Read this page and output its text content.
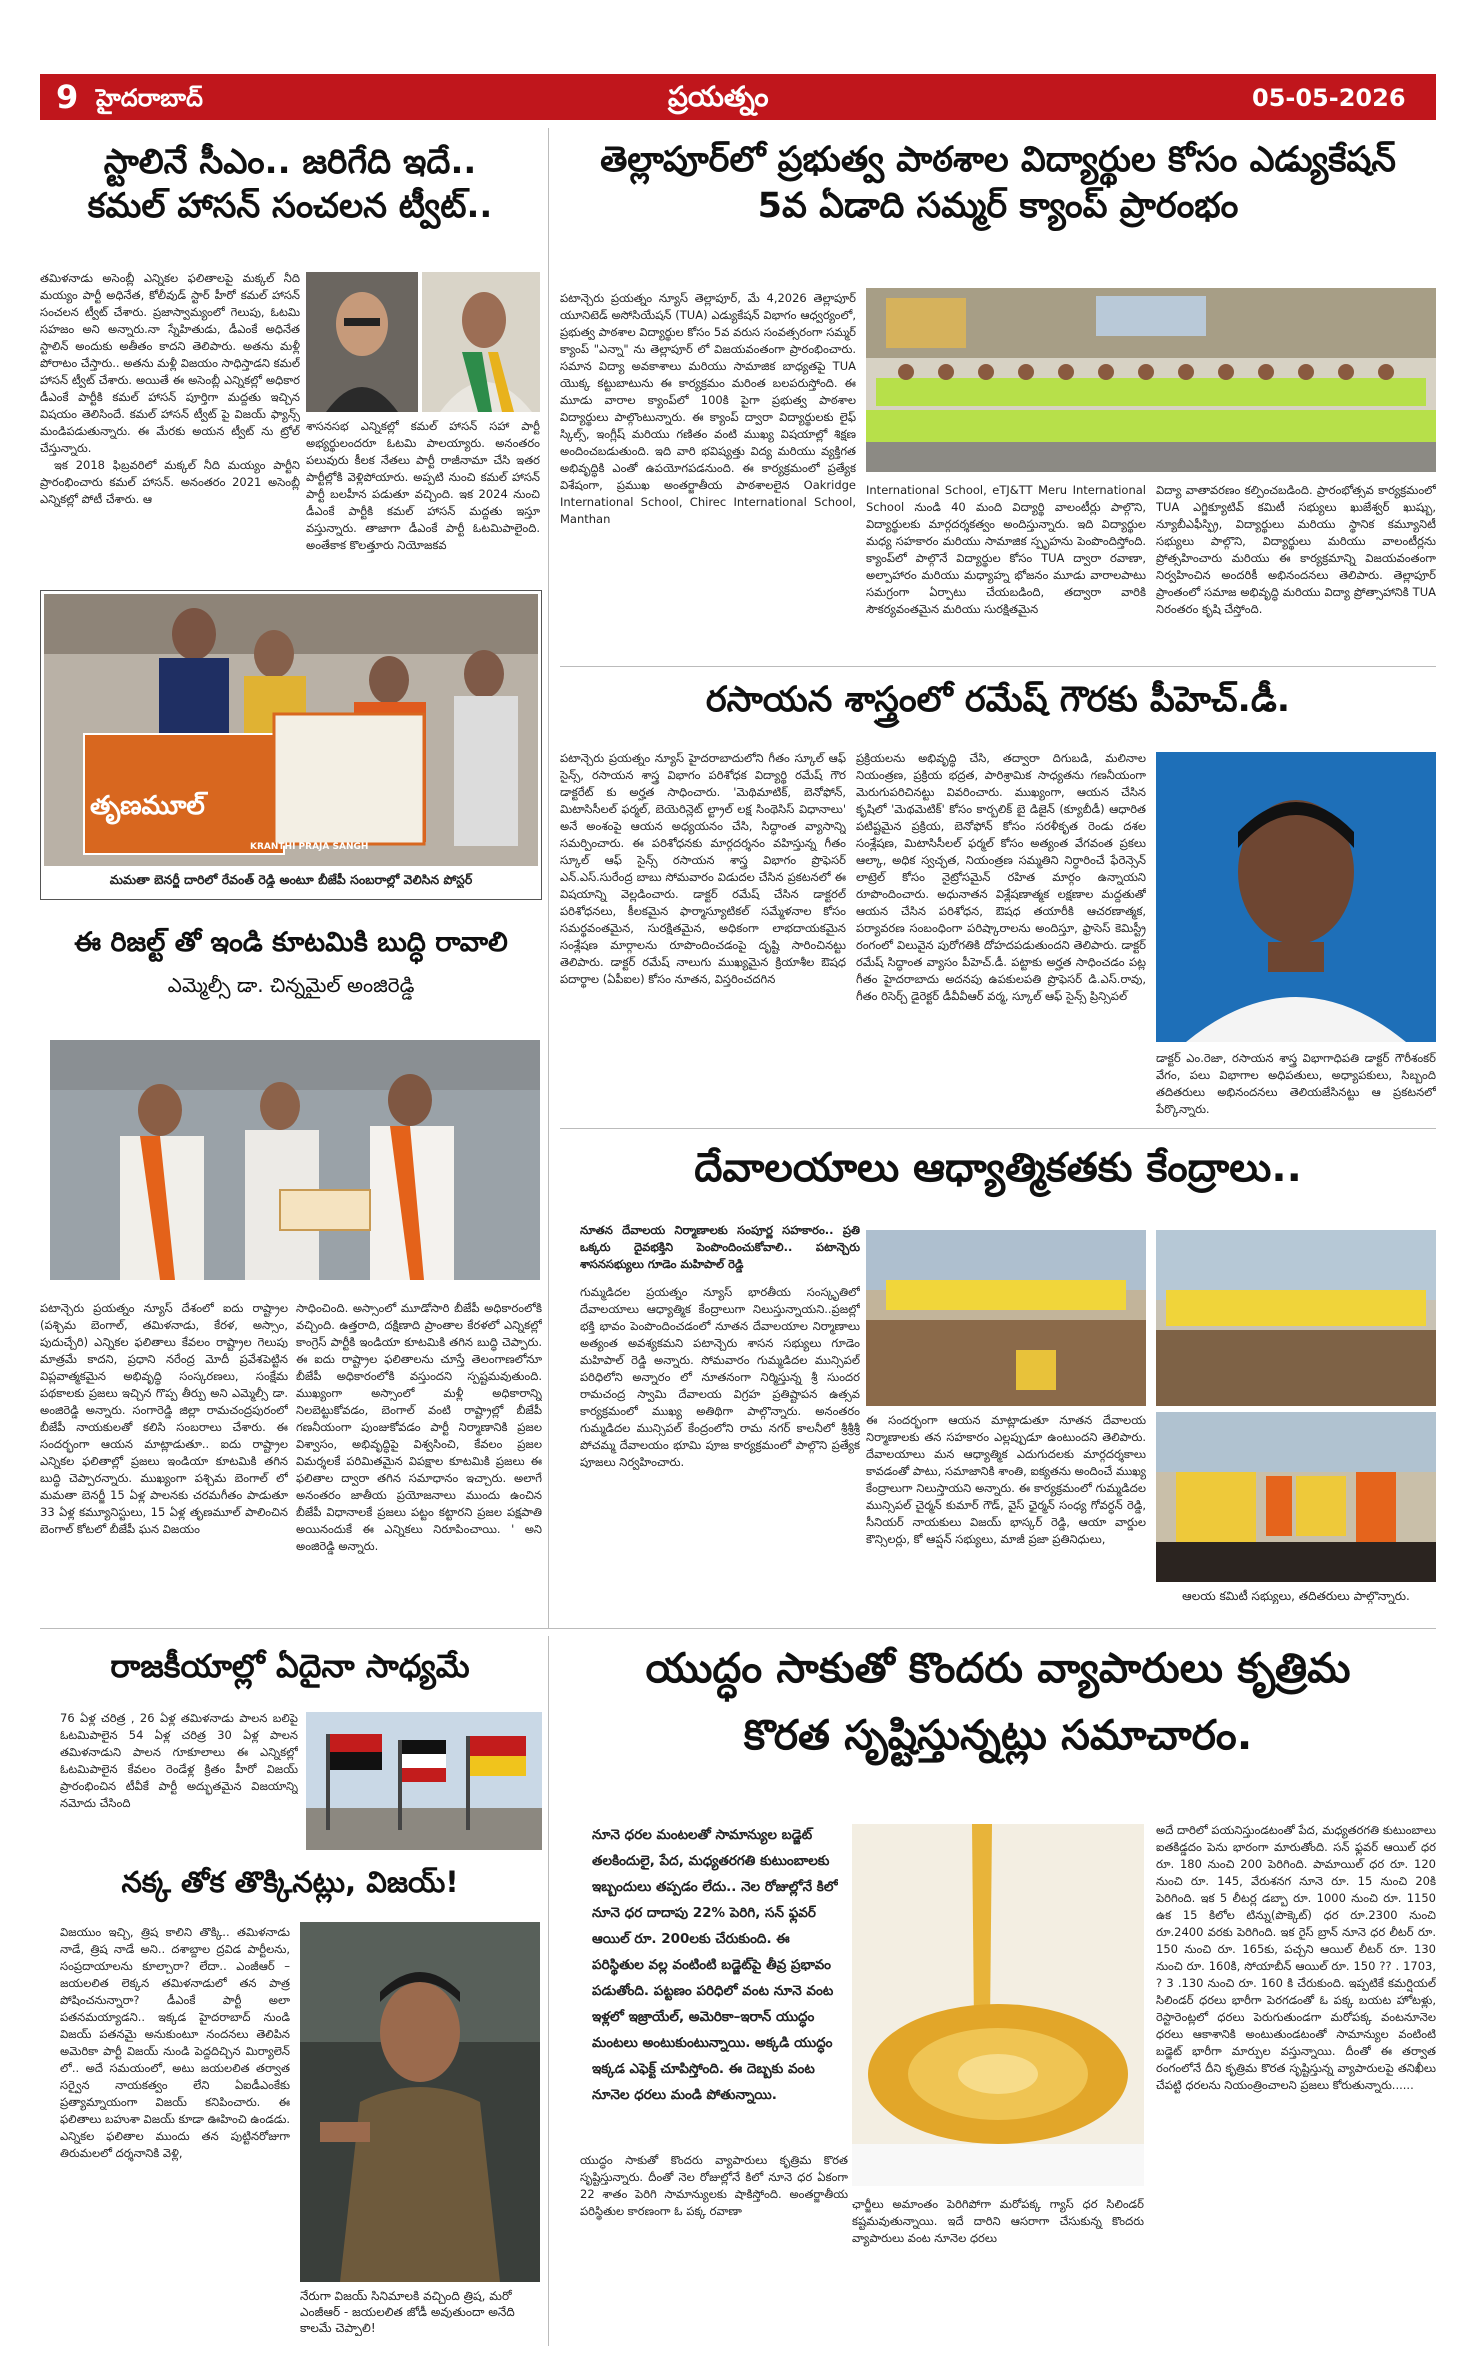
9 హైదరాబాద్	ప్రయత్నం	05-05-2026
స్టాలినే సీఎం.. జరిగేది ఇదే..
కమల్ హాసన్ సంచలన ట్వీట్..

తమిళనాడు అసెంబ్లీ ఎన్నికల ఫలితాలపై మక్కల్ నీది మయ్యం పార్టీ అధినేత, కోలీవుడ్ స్టార్ హీరో కమల్ హాసన్ సంచలన ట్వీట్ చేశారు. ప్రజాస్వామ్యంలో గెలుపు, ఓటమి సహజం అని అన్నారు.నా స్నేహితుడు, డీఎంకే అధినేత స్టాలిన్ అందుకు అతీతం కాదని తెలిపారు. అతను మళ్లీ పోరాటం చేస్తారు.. అతను మళ్లీ విజయం సాధిస్తాడని కమల్ హాసన్ ట్వీట్ చేశారు. అయితే ఈ అసెంబ్లీ ఎన్నికల్లో అధికార డీఎంకే పార్టీకి కమల్ హాసన్ పూర్తిగా మద్దతు ఇచ్చిన విషయం తెలిసిందే. కమల్ హాసన్ ట్వీట్ పై విజయ్ ఫ్యాన్స్ మండిపడుతున్నారు. ఈ మేరకు అయన ట్వీట్ ను ట్రోల్ చేస్తున్నారు.

ఇక 2018 ఫిబ్రవరిలో మక్కల్ నీది మయ్యం పార్టీని ప్రారంభించారు కమల్ హాసన్. అనంతరం 2021 అసెంబ్లీ ఎన్నికల్లో పోటీ చేశారు. ఆ

శాసనసభ ఎన్నికల్లో కమల్ హాసన్ సహా పార్టీ అభ్యర్థులందరూ ఓటమి పాలయ్యారు. అనంతరం పలువురు కీలక నేతలు పార్టీ రాజీనామా చేసి ఇతర పార్టీల్లోకి వెళ్లిపోయారు. అప్పటి నుంచి కమల్ హాసన్ పార్టీ బలహీన పడుతూ వచ్చింది. ఇక 2024 నుంచి డీఎంకే పార్టీకి కమల్ హాసన్ మద్దతు ఇస్తూ వస్తున్నారు. తాజాగా డీఎంకే పార్టీ ఓటమిపాలైంది. అంతేకాక కొలత్తూరు నియోజకవ
తృణమూల్
KRANTHI PRAJA SANGH
మమతా బెనర్జీ దారిలో రేవంత్ రెడ్డి అంటూ బీజేపీ సంబరాల్లో వెలిసిన పోస్టర్
ఈ రిజల్ట్ తో ఇండి కూటమికి బుద్ధి రావాలి
ఎమ్మెల్సీ డా. చిన్నమైల్ అంజిరెడ్డి
పటాన్చెరు ప్రయత్నం న్యూస్ దేశంలో ఐదు రాష్ట్రాల (పశ్చిమ బెంగాల్, తమిళనాడు, కేరళ, అస్సాం, పుదుచ్చేరి) ఎన్నికల ఫలితాలు కేవలం రాష్ట్రాల గెలుపు మాత్రమే కాదని, ప్రధాని నరేంద్ర మోదీ ప్రవేశపెట్టిన విప్లవాత్మకమైన అభివృద్ధి సంస్కరణలు, సంక్షేమ పథకాలకు ప్రజలు ఇచ్చిన గొప్ప తీర్పు అని ఎమ్మెల్సీ డా. అంజిరెడ్డి అన్నారు. సంగారెడ్డి జిల్లా రామచంద్రపురంలో బీజేపీ నాయకులతో కలిసి సంబరాలు చేశారు. ఈ సందర్భంగా ఆయన మాట్లాడుతూ.. ఐదు రాష్ట్రాల ఎన్నికల ఫలితాల్లో ప్రజలు ఇండియా కూటమికి తగిన బుద్ధి చెప్పారన్నారు. ముఖ్యంగా పశ్చిమ బెంగాల్ లో మమతా బెనర్జీ 15 ఏళ్ల పాలనకు చరమగీతం పాడుతూ 33 ఏళ్ల కమ్యూనిస్టులు, 15 ఏళ్ల తృణమూల్ పాలించిన బెంగాల్ కోటలో బీజేపీ ఘన విజయం
సాధించింది. అస్సాంలో మూడోసారి బీజేపీ అధికారంలోకి వచ్చింది. ఉత్తరాది, దక్షిణాది ప్రాంతాల కేరళలో ఎన్నికల్లో కాంగ్రెస్ పార్టీకి ఇండియా కూటమికి తగిన బుద్ధి చెప్పారు. ఈ ఐదు రాష్ట్రాల ఫలితాలను చూస్తే తెలంగాణలోనూ బీజేపీ అధికారంలోకి వస్తుందని స్పష్టమవుతుంది. ముఖ్యంగా అస్సాంలో మళ్లీ అధికారాన్ని నిలబెట్టుకోవడం, బెంగాల్ వంటి రాష్ట్రాల్లో బీజేపీ గణనీయంగా పుంజుకోవడం పార్టీ నిర్మాణానికి ప్రజల విశ్వాసం, అభివృద్ధిపై విశ్వసించి, కేవలం ప్రజల విమర్శలకే పరిమితమైన విపక్షాల కూటమికి ప్రజలు ఈ ఫలితాల ద్వారా తగిన సమాధానం ఇచ్చారు. అలాగే అనంతరం జాతీయ ప్రయోజనాలు ముందు ఉంచిన బీజేపీ విధానాలకే ప్రజలు పట్టం కట్టారని ప్రజల పక్షపాతి అయినందుకే ఈ ఎన్నికలు నిరూపించాయి. ' అని అంజిరెడ్డి అన్నారు.
తెల్లాపూర్‌లో ప్రభుత్వ పాఠశాల విద్యార్థుల కోసం ఎడ్యుకేషన్
5వ ఏడాది సమ్మర్ క్యాంప్ ప్రారంభం
పటాన్చెరు ప్రయత్నం న్యూస్ తెల్లాపూర్, మే 4,2026 తెల్లాపూర్ యూనిటెడ్ అసోసియేషన్ (TUA) ఎడ్యుకేషన్ విభాగం ఆధ్వర్యంలో, ప్రభుత్వ పాఠశాల విద్యార్థుల కోసం 5వ వరుస సంవత్సరంగా సమ్మర్ క్యాంప్ "ఎన్నా" ను తెల్లాపూర్ లో విజయవంతంగా ప్రారంభించారు. సమాన విద్యా అవకాశాలు మరియు సామాజిక బాధ్యతపై TUA యొక్క కట్టుబాటును ఈ కార్యక్రమం మరింత బలపరుస్తోంది. ఈ మూడు వారాల క్యాంప్‌లో 100కి పైగా ప్రభుత్వ పాఠశాల విద్యార్థులు పాల్గొంటున్నారు. ఈ క్యాంప్ ద్వారా విద్యార్థులకు లైఫ్ స్కిల్స్, ఇంగ్లీష్ మరియు గణితం వంటి ముఖ్య విషయాల్లో శిక్షణ అందించబడుతుంది. ఇది వారి భవిష్యత్తు విద్య మరియు వ్యక్తిగత అభివృద్ధికి ఎంతో ఉపయోగపడనుంది. ఈ కార్యక్రమంలో ప్రత్యేక విశేషంగా, ప్రముఖ అంతర్జాతీయ పాఠశాలలైన Oakridge International School, Chirec International School, Manthan
International School, eTJ&TT Meru International School నుండి 40 మంది విద్యార్థి వాలంటీర్లు పాల్గొని, విద్యార్థులకు మార్గదర్శకత్వం అందిస్తున్నారు. ఇది విద్యార్థుల మధ్య సహకారం మరియు సామాజిక స్పృహను పెంపొందిస్తోంది. క్యాంప్‌లో పాల్గొనే విద్యార్థుల కోసం TUA ద్వారా రవాణా, అల్పాహారం మరియు మధ్యాహ్న భోజనం మూడు వారాలపాటు సమగ్రంగా ఏర్పాటు చేయబడింది, తద్వారా వారికి సౌకర్యవంతమైన మరియు సురక్షితమైన
విద్యా వాతావరణం కల్పించబడింది. ప్రారంభోత్సవ కార్యక్రమంలో TUA ఎగ్జిక్యూటివ్ కమిటీ సభ్యులు ఖుజేశ్వర్ ఖుష్బు, న్యూబీఎఫీస్ఫ్రి, విద్యార్థులు మరియు స్థానిక కమ్యూనిటీ సభ్యులు పాల్గొని, విద్యార్థులు మరియు వాలంటీర్లను ప్రోత్సహించారు మరియు ఈ కార్యక్రమాన్ని విజయవంతంగా నిర్వహించిన అందరికీ అభినందనలు తెలిపారు. తెల్లాపూర్ ప్రాంతంలో సమాజ అభివృద్ధి మరియు విద్యా ప్రోత్సాహానికి TUA నిరంతరం కృషి చేస్తోంది.
రసాయన శాస్త్రంలో రమేష్ గౌరకు పీహెచ్.డీ.
పటాన్చెరు ప్రయత్నం న్యూస్ హైదరాబాదులోని గీతం స్కూల్ ఆఫ్ సైన్స్, రసాయన శాస్త్ర విభాగం పరిశోధక విద్యార్థి రమేష్ గౌర డాక్టరేట్ కు అర్హత సాధించారు. 'మెథిమాటిక్, బెనోఫోన్, మిటాసిసీలల్ ఫర్మల్, బెయెరిన్లెట్ ల్ట్రాల్ లక్ష సింథెసిస్ విధానాలు' అనే అంశంపై ఆయన అధ్యయనం చేసి, సిద్ధాంత వ్యాసాన్ని సమర్పించారు. ఈ పరిశోధనకు మార్గదర్శనం వహిస్తున్న గీతం స్కూల్ ఆఫ్ సైన్స్ రసాయన శాస్త్ర విభాగం ప్రొఫెసర్ ఎన్.ఎస్.సురేంద్ర బాబు సోమవారం విడుదల చేసిన ప్రకటనలో ఈ విషయాన్ని వెల్లడించారు. డాక్టర్ రమేష్ చేసిన డాక్టరల్ పరిశోధనలు, కీలకమైన ఫార్మాస్యూటికల్ సమ్మేళనాల కోసం సమర్థవంతమైన, సురక్షితమైన, అధికంగా లాభదాయకమైన సంశ్లేషణ మార్గాలను రూపొందించడంపై దృష్టి సారించినట్టు తెలిపారు. డాక్టర్ రమేష్ నాలుగు ముఖ్యమైన క్రియాశీల ఔషధ పదార్థాల (ఏపీఐల) కోసం నూతన, విస్తరించదగిన
ప్రక్రియలను అభివృద్ధి చేసి, తద్వారా దిగుబడి, మలినాల నియంత్రణ, ప్రక్రియ భద్రత, పారిశ్రామిక సాధ్యతను గణనీయంగా మెరుగుపరిచినట్టు వివరించారు. ముఖ్యంగా, ఆయన చేసిన కృషిలో 'మెథమెటిక్' కోసం కార్బలిక్ బై డిజైన్ (క్యూబీడీ) ఆధారిత పటిష్టమైన ప్రక్రియ, బెనోఫోన్ కోసం సరళీకృత రెండు దశల సంశ్లేషణ, మిటాసిసీలల్ ఫర్మల్ కోసం అత్యంత వేగవంత ప్రకలు ఆల్కా, అధిక స్వచ్ఛత, నియంత్రణ సమ్మతిని నిర్ధారించే ఫేరెన్సెన్ లాట్రెల్ కోసం నైట్రోసమైన్ రహిత మార్గం ఉన్నాయని రూపొందించారు. అధునాతన విశ్లేషణాత్మక లక్షణాల మద్దతుతో ఆయన చేసిన పరిశోధన, ఔషధ తయారీకి ఆచరణాత్మక, పర్యావరణ సంబంధింగా పరిష్కారాలను అందిస్తూ, ఫ్రాసెస్ కెమిస్ట్రీ రంగంలో విలువైన పురోగతికి దోహదపడుతుందని తెలిపారు. డాక్టర్ రమేష్ సిద్ధాంత వ్యాసం పీహెచ్.డీ. పట్టాకు అర్హత సాధించడం పట్ల గీతం హైదరాబాదు అదనపు ఉపకులపతి ప్రొఫెసర్ డి.ఎస్.రావు, గీతం రిసెర్చ్ డైరెక్టర్ డీవీవీఆర్ వర్మ, స్కూల్ ఆఫ్ సైన్స్ ప్రిన్సిపల్
డాక్టర్ ఎం.రెజా, రసాయన శాస్త్ర విభాగాధిపతి డాక్టర్ గౌరీశంకర్ వేగం, పలు విభాగాల అధిపతులు, అధ్యాపకులు, సిబ్బంది తదితరులు అభినందనలు తెలియజేసినట్టు ఆ ప్రకటనలో పేర్కొన్నారు.
దేవాలయాలు ఆధ్యాత్మికతకు కేంద్రాలు..
నూతన దేవాలయ నిర్మాణాలకు సంపూర్ణ సహకారం.. ప్రతి ఒక్కరు దైవభక్తిని పెంపొందించుకోవాలి.. పటాన్చెరు శాసనసభ్యులు గూడెం మహిపాల్ రెడ్డి
గుమ్మడిదల ప్రయత్నం న్యూస్ భారతీయ సంస్కృతిలో దేవాలయాలు ఆధ్యాత్మిక కేంద్రాలుగా నిలుస్తున్నాయని..ప్రజల్లో భక్తి భావం పెంపొందించడంలో నూతన దేవాలయాల నిర్మాణాలు అత్యంత అవశ్యకమని పటాన్చెరు శాసన సభ్యులు గూడెం మహిపాల్ రెడ్డి అన్నారు. సోమవారం గుమ్మడిదల మున్సిపల్ పరిధిలోని అన్నారం లో నూతనంగా నిర్మిస్తున్న శ్రీ సుందర రామచంద్ర స్వామి దేవాలయ విగ్రహ ప్రతిష్టాపన ఉత్సవ కార్యక్రమంలో ముఖ్య అతిథిగా పాల్గొన్నారు. అనంతరం గుమ్మడిదల మున్సిపల్ కేంద్రంలోని రామ నగర్ కాలనీలో శ్రీశ్రీశ్రీ పోచమ్మ దేవాలయం భూమి పూజ కార్యక్రమంలో పాల్గొని ప్రత్యేక పూజలు నిర్వహించారు.
ఈ సందర్భంగా ఆయన మాట్లాడుతూ నూతన దేవాలయ నిర్మాణాలకు తన సహకారం ఎల్లప్పుడూ ఉంటుందని తెలిపారు. దేవాలయాలు మన ఆధ్యాత్మిక ఎదుగుదలకు మార్గదర్శకాలు కావడంతో పాటు, సమాజానికి శాంతి, ఐక్యతను అందించే ముఖ్య కేంద్రాలుగా నిలుస్తాయని అన్నారు. ఈ కార్యక్రమంలో గుమ్మడిదల మున్సిపల్ చైర్మన్ కుమార్ గౌడ్, వైస్ ఛైర్మన్ సంధ్య గోవర్ధన్ రెడ్డి, సీనియర్ నాయకులు విజయ్ భాస్కర్ రెడ్డి, ఆయా వార్డుల కౌన్సిలర్లు, కో ఆప్షన్ సభ్యులు, మాజీ ప్రజా ప్రతినిధులు,
ఆలయ కమిటీ సభ్యులు, తదితరులు పాల్గొన్నారు.
రాజకీయాల్లో ఏదైనా సాధ్యమే
76 ఏళ్ల చరిత్ర , 26 ఏళ్ల తమిళనాడు పాలన బలిపై ఓటమిపాలైన 54 ఏళ్ల చరిత్ర 30 ఏళ్ల పాలన తమిళనాడుని పాలన గూకూలాలు ఈ ఎన్నికల్లో ఓటమిపాలైన కేవలం రెండేళ్ల క్రితం హీరో విజయ్ ప్రారంభించిన టీవీకే పార్టీ అద్భుతమైన విజయాన్ని నమోదు చేసింది
నక్క తోక తొక్కినట్లు, విజయ్!
విజయుం ఇచ్చి, త్రిష కాలిని తొక్కి.. తమిళనాడు నాడే, త్రిష నాడే అని.. దశాబ్దాల ద్రవిడ పార్టీలను, సంప్రదాయాలను కూల్చారా? లేదా.. ఎంజీఆర్ – జయలలిత లెక్కన తమిళనాడులో తన పాత్ర పోషించనున్నారా? డీఎంకే పార్టీ అలా పతనమయ్యాడని.. ఇక్కడ హైదరాబాద్ నుండి విజయ్ పతనమై అనుకుంటూ నందనలు తెలిపిన అమెరికా పార్టీ విజయ్ నుండి పెద్దదిచ్చిన మిర్యాలెన్ లో.. అదే సమయంలో, అటు జయలలిత తర్వాత సర్వైన నాయకత్వం లేని ఏఐడీఎంకేకు ప్రత్యామ్నాయంగా విజయ్ కనిపించారు. ఈ ఫలితాలు బహుశా విజయ్ కూడా ఊహించి ఉండడు. ఎన్నికల ఫలితాల ముందు తన పుట్టినరోజుగా తిరుమలలో దర్శనానికి వెళ్లి,
నేరుగా విజయ్ సినిమాలకి వచ్చింది త్రిష, మరో ఎంజీఆర్ - జయలలిత జోడీ అవుతుందా అనేది కాలమే చెప్పాలి!
యుద్ధం సాకుతో కొందరు వ్యాపారులు కృత్రిమ
కొరత సృష్టిస్తున్నట్లు సమాచారం.
నూనె ధరల మంటలతో సామాన్యుల బడ్జెట్ తలకిందులై, పేద, మధ్యతరగతి కుటుంబాలకు ఇబ్బందులు తప్పడం లేదు.. నెల రోజుల్లోనే కిలో నూనె ధర దాదాపు 22% పెరిగి, సన్ ఫ్లవర్ ఆయిల్ రూ. 200లకు చేరుకుంది. ఈ పరిస్థితుల వల్ల వంటింటి బడ్జెట్‌పై తీవ్ర ప్రభావం పడుతోంది. పట్టణం పరిధిలో వంట నూనె వంట ఇళ్లలో ఇజ్రాయేల్, అమెరికా–ఇరాన్ యుద్ధం మంటలు అంటుకుంటున్నాయి. అక్కడి యుద్ధం ఇక్కడ ఎఫెక్ట్ చూపిస్తోంది. ఈ దెబ్బకు వంట నూనెల ధరలు మండి పోతున్నాయి.
యుద్ధం సాకుతో కొందరు వ్యాపారులు కృత్రిమ కొరత సృష్టిస్తున్నారు. దీంతో నెల రోజుల్లోనే కిలో నూనె ధర ఏకంగా 22 శాతం పెరిగి సామాన్యులకు షాకిస్తోంది. అంతర్జాతీయ పరిస్థితుల కారణంగా ఓ పక్క రవాణా	ఛార్జీలు అమాంతం పెరిగిపోగా మరోపక్క గ్యాస్ ధర సిలిండర్ కష్టమవుతున్నాయి. ఇదే దారిని ఆసరాగా చేసుకున్న కొందరు వ్యాపారులు వంట నూనెల ధరలు
అదే దారిలో పయనిస్తుండటంతో పేద, మధ్యతరగతి కుటుంబాలు ఐతకిడ్డదం పెను భారంగా మారుతోంది. సన్ ఫ్లవర్ ఆయిల్ ధర రూ. 180 నుంచి 200 పెరిగింది. పామాయిల్ ధర రూ. 120 నుంచి రూ. 145, వేరుశనగ నూనె రూ. 15 నుంచి 20కి పెరిగింది. ఇక 5 లీటర్ల డబ్బా రూ. 1000 నుంచి రూ. 1150 ఉక 15 కిలోల టిన్ను(పొక్కెట్) ధర రూ.2300 నుంచి రూ.2400 వరకు పెరిగింది. ఇక రైస్ బ్రాన్ నూనె ధర లీటర్ రూ. 150 నుంచి రూ. 165కు, పచ్చని ఆయిల్ లీటర్ రూ. 130 నుంచి రూ. 160కి, సోయాబీన్ ఆయిల్ రూ. 150 ?? . 1703, ? 3 .130 నుంచి రూ. 160 కి చేరుకుంది. ఇప్పటికే కమర్షియల్ సిలిండర్ ధరలు భారీగా పెరగడంతో ఓ పక్క బయట హోటళ్లు, రెస్టారెంట్లలో ధరలు పెరుగుతుండగా మరోపక్క వంటనూనెల ధరలు ఆకాశానికి అంటుతుండటంతో సామాన్యుల వంటింటి బడ్జెట్ భారీగా మార్పుల వస్తున్నాయి. దీంతో ఈ తర్వాత రంగంలోనే దీని కృత్రిమ కొరత సృష్టిస్తున్న వ్యాపారులపై తనిఖీలు చేపట్టి ధరలను నియంత్రించాలని ప్రజలు కోరుతున్నారు......
